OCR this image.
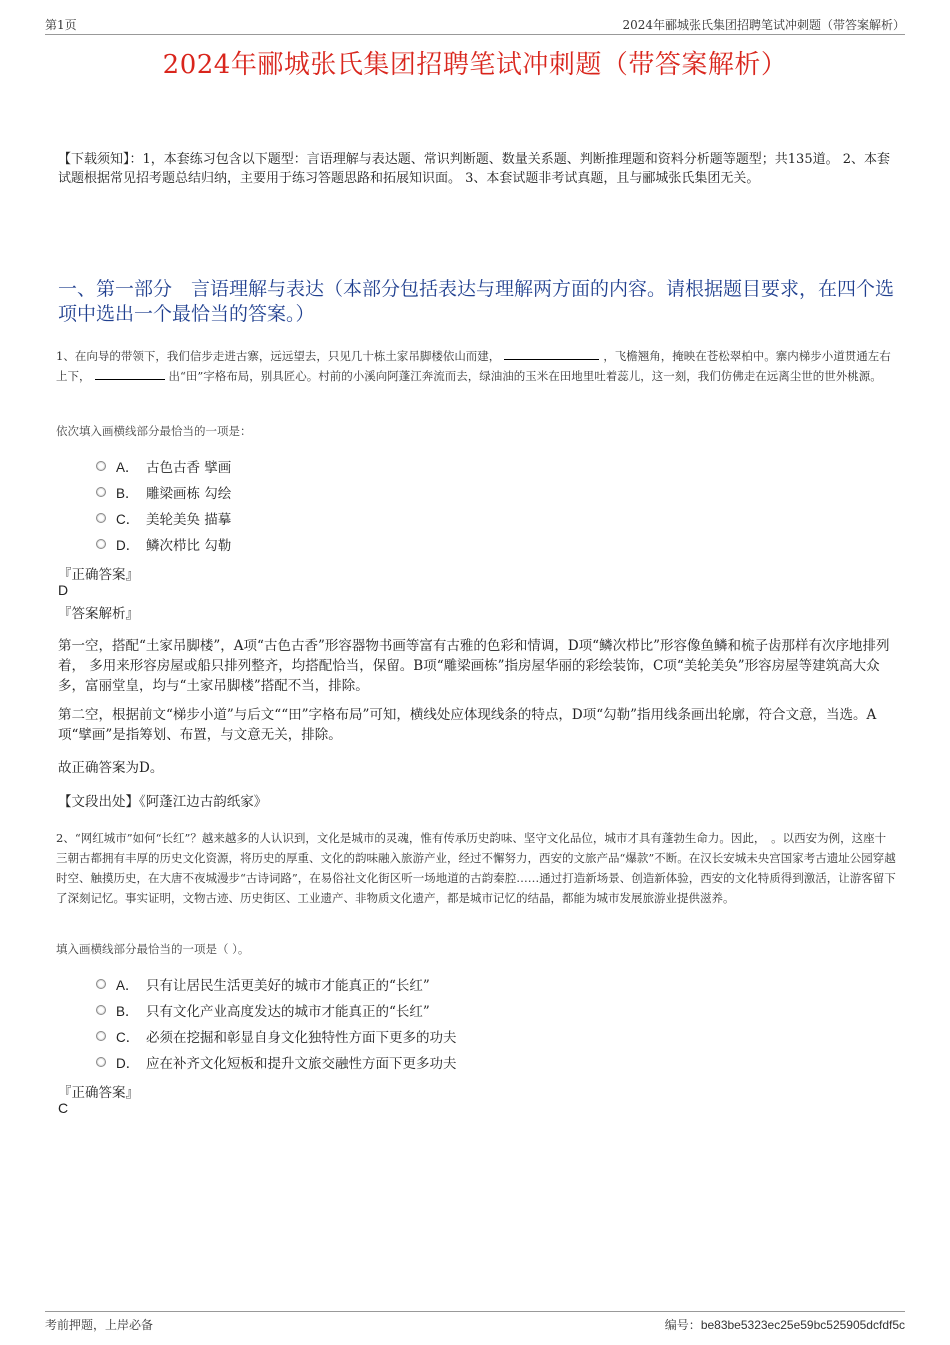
第1页	2024年郦城张氏集团招聘笔试冲刺题（带答案解析）
2024年郦城张氏集团招聘笔试冲刺题（带答案解析）
【下载须知】：1，本套练习包含以下题型：言语理解与表达题、常识判断题、数量关系题、判断推理题和资料分析题等题型；共135道。 2、本套试题根据常见招考题总结归纳，主要用于练习答题思路和拓展知识面。 3、本套试题非考试真题，且与郦城张氏集团无关。
一、第一部分　言语理解与表达（本部分包括表达与理解两方面的内容。请根据题目要求，在四个选项中选出一个最恰当的答案。）
1、在向导的带领下，我们信步走进古寨，远远望去，只见几十栋土家吊脚楼依山而建，	，飞檐翘角，掩映在苍松翠柏中。寨内梯步小道贯通左右上下，	出“田”字格布局，别具匠心。村前的小溪向阿蓬江奔流而去，绿油油的玉米在田地里吐着蕊儿，这一刻，我们仿佛走在远离尘世的世外桃源。
依次填入画横线部分最恰当的一项是：
A． 古色古香 擘画
B． 雕梁画栋 勾绘
C． 美轮美奂 描摹
D． 鳞次栉比 勾勒
『正确答案』
D
『答案解析』
第一空，搭配“土家吊脚楼”，A项“古色古香”形容器物书画等富有古雅的色彩和情调，D项“鳞次栉比”形容像鱼鳞和梳子齿那样有次序地排列着， 多用来形容房屋或船只排列整齐，均搭配恰当，保留。B项“雕梁画栋”指房屋华丽的彩绘装饰，C项“美轮美奂”形容房屋等建筑高大众多，富丽堂皇，均与“土家吊脚楼”搭配不当，排除。
第二空，根据前文“梯步小道”与后文““田”字格布局”可知，横线处应体现线条的特点，D项“勾勒”指用线条画出轮廓，符合文意，当选。A项“擘画”是指筹划、布置，与文意无关，排除。
故正确答案为D。
【文段出处】《阿蓬江边古韵纸家》
2、“网红城市”如何“长红”？越来越多的人认识到，文化是城市的灵魂，惟有传承历史韵味、坚守文化品位，城市才具有蓬勃生命力。因此，　。以西安为例，这座十三朝古都拥有丰厚的历史文化资源，将历史的厚重、文化的韵味融入旅游产业，经过不懈努力，西安的文旅产品“爆款”不断。在汉长安城未央宫国家考古遗址公园穿越时空、触摸历史，在大唐不夜城漫步“古诗词路”，在易俗社文化街区听一场地道的古韵秦腔……通过打造新场景、创造新体验，西安的文化特质得到激活，让游客留下了深刻记忆。事实证明，文物古迹、历史街区、工业遗产、非物质文化遗产，都是城市记忆的结晶，都能为城市发展旅游业提供滋养。
填入画横线部分最恰当的一项是（ ）。
A． 只有让居民生活更美好的城市才能真正的“长红”
B． 只有文化产业高度发达的城市才能真正的“长红”
C． 必须在挖掘和彰显自身文化独特性方面下更多的功夫
D． 应在补齐文化短板和提升文旅交融性方面下更多功夫
『正确答案』
C
考前押题，上岸必备	编号：be83be5323ec25e59bc525905dcfdf5c
